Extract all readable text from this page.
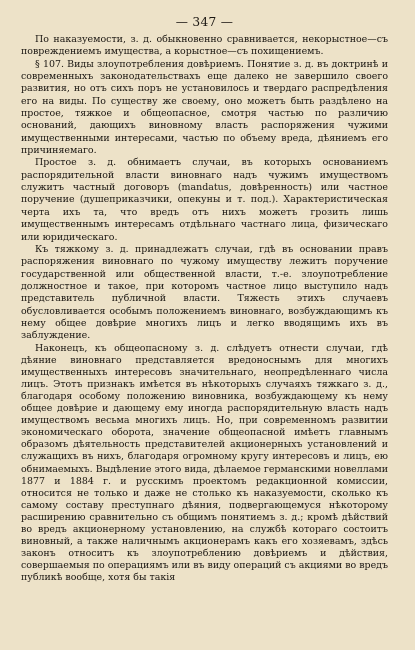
— 347 —

По наказуемости, з. д. обыкновенно сравнивается, некорыстное—съ повреждениемъ имущества, а корыстное—съ похищениемъ.

§ 107. Виды злоупотребления довѣриемъ. Понятие з. д. въ доктринѣ и современныхъ законодательствахъ еще далеко не завершило своего развития, но отъ сихъ поръ не установилось и твердаго распредѣления его на виды. По существу же своему, оно можетъ быть раздѣлено на простое, тяжкое и общеопасное, смотря частью по различию оснований, дающихъ виновному власть распоряжения чужими имущественными интересами, частью по объему вреда, дѣяниемъ его причиняемаго.

Простое з. д. обнимаетъ случаи, въ которыхъ основаниемъ распорядительной власти виновнаго надъ чужимъ имуществомъ служитъ частный договоръ (mandatus, довѣренность) или частное поручение (душеприказчики, опекуны и т. под.). Характеристическая черта ихъ та, что вредъ отъ нихъ можетъ грозить лишь имущественнымъ интересамъ отдѣльнаго частнаго лица, физическаго или юридическаго.

Къ тяжкому з. д. принадлежатъ случаи, гдѣ въ основании правъ распоряжения виновнаго по чужому имуществу лежитъ поручение государственной или общественной власти, т.-е. злоупотребление должностное и такое, при которомъ частное лицо выступило надъ представитель публичной власти. Тяжесть этихъ случаевъ обусловливается особымъ положениемъ виновнаго, возбуждающимъ къ нему общее довѣрие многихъ лицъ и легко вводящимъ ихъ въ заблуждение.

Наконецъ, къ общеопасному з. д. слѣдуетъ отнести случаи, гдѣ дѣяние виновнаго представляется вредоноснымъ для многихъ имущественныхъ интересовъ значительнаго, неопредѣленнаго числа лицъ. Этотъ признакъ имѣется въ нѣкоторыхъ случаяхъ тяжкаго з. д., благодаря особому положению виновника, возбуждающему къ нему общее довѣрие и дающему ему иногда распорядительную власть надъ имуществомъ весьма многихъ лицъ. Но, при современномъ развитии экономическаго оборота, значение общеопасной имѣетъ главнымъ образомъ дѣятельность представителей акционерныхъ установлений и служащихъ въ нихъ, благодаря огромному кругу интересовъ и лицъ, ею обнимаемыхъ. Выдѣление этого вида, дѣлаемое германскими новеллами 1877 и 1884 г. и русскимъ проектомъ редакционной комиссии, относится не только и даже не столько къ наказуемости, сколько къ самому составу преступнаго дѣяния, подвергающемуся нѣкоторому расширению сравнительно съ общимъ понятиемъ з. д.; кромѣ дѣйствий во вредъ акционерному установлению, на службѣ котораго состоитъ виновный, а также наличнымъ акционерамъ какъ его хозяевамъ, здѣсь законъ относитъ къ злоупотреблению довѣриемъ и дѣйствия, совершаемыя по операциямъ или въ виду операций съ акциями во вредъ публикѣ вообще, хотя бы такія
